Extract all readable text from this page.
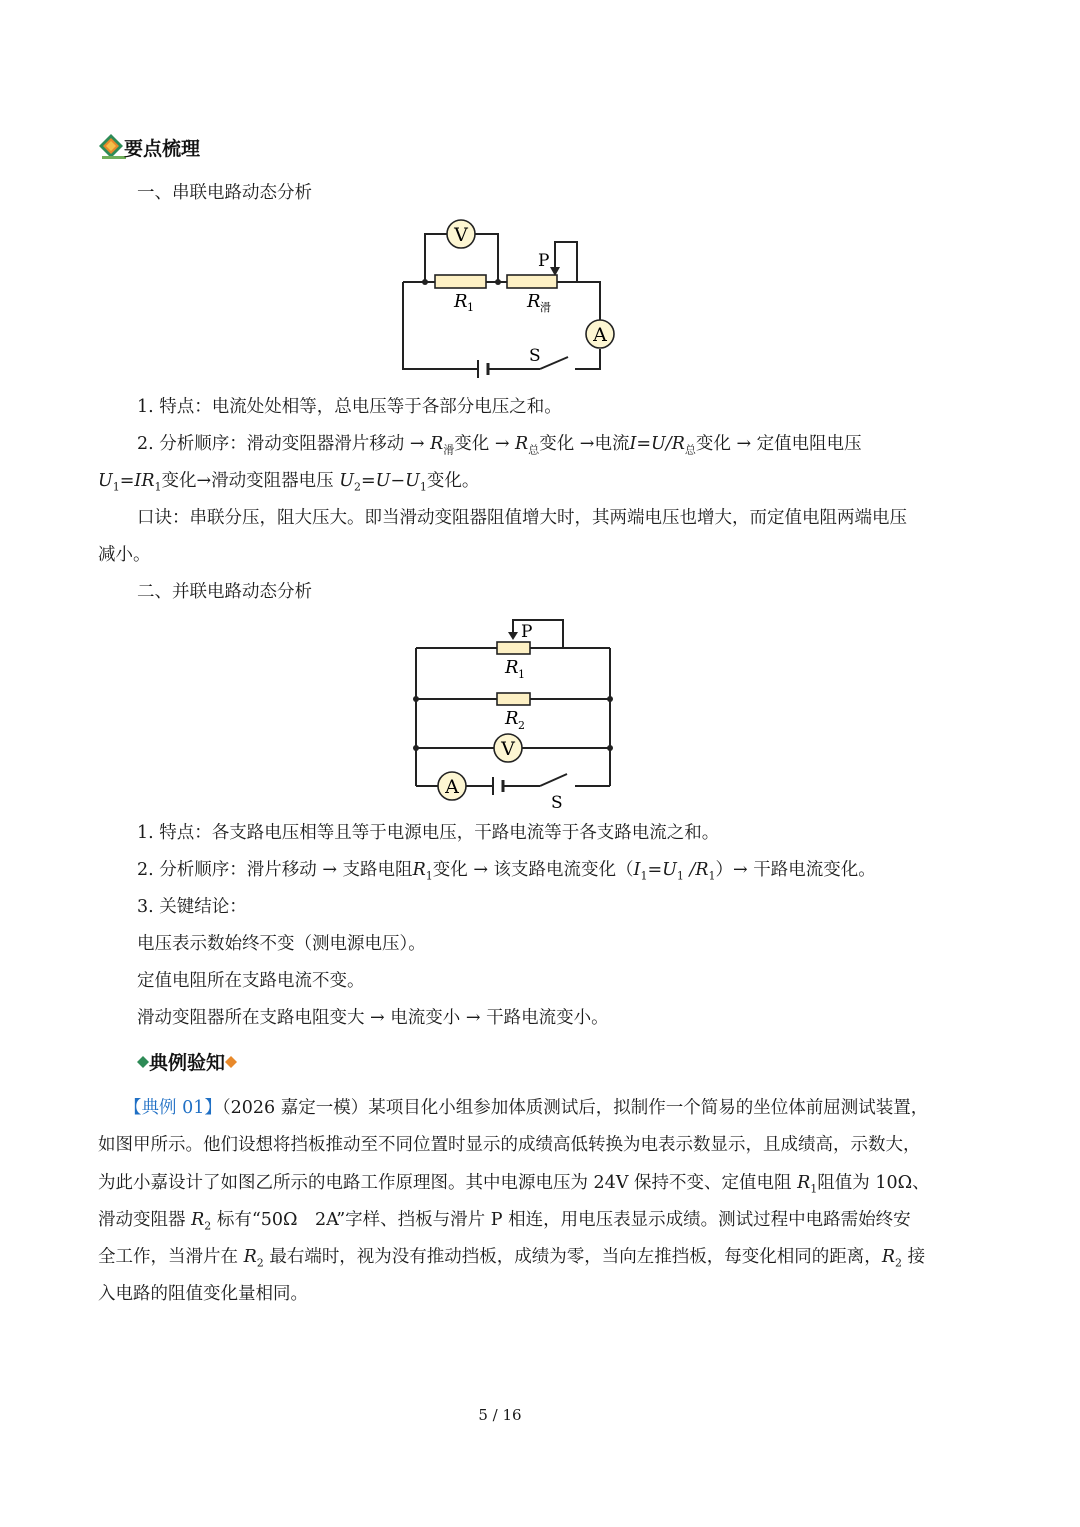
要点梳理
一、串联电路动态分析
V
A
P
S
R 1	R 滑
1. 特点：电流处处相等，总电压等于各部分电压之和。
2. 分析顺序：滑动变阻器滑片移动 → $R_滑$变化 → $R_总$变化 →电流$I=U/R_总$变化 → 定值电阻电压
$U_1=IR_1$变化→滑动变阻器电压 $U_2=U-U_1$变化。
口诀：串联分压，阻大压大。即当滑动变阻器阻值增大时，其两端电压也增大，而定值电阻两端电压
减小。
二、并联电路动态分析
V
A
P
S
R 1
R 2
1. 特点：各支路电压相等且等于电源电压，干路电流等于各支路电流之和。
2. 分析顺序：滑片移动 → 支路电阻$R_1$变化 → 该支路电流变化（$I_1=U_1$ $/R_1)\to$ 干路电流变化。
3. 关键结论：
电压表示数始终不变（测电源电压）。
定值电阻所在支路电流不变。
滑动变阻器所在支路电阻变大 → 电流变小 → 干路电流变小。
典例验知
【典例 01】（2026 嘉定一模）某项目化小组参加体质测试后，拟制作一个简易的坐位体前屈测试装置，
如图甲所示。他们设想将挡板推动至不同位置时显示的成绩高低转换为电表示数显示，且成绩高，示数大，
为此小嘉设计了如图乙所示的电路工作原理图。其中电源电压为 24V 保持不变、定值电阻 $R_1$阻值为 10Ω、
滑动变阻器 $R_2$ 标有“50Ω　2A”字样、挡板与滑片 P 相连，用电压表显示成绩。测试过程中电路需始终安
全工作，当滑片在 $R_2$ 最右端时，视为没有推动挡板，成绩为零，当向左推挡板，每变化相同的距离，$R_2$ 接
入电路的阻值变化量相同。
5 / 16
